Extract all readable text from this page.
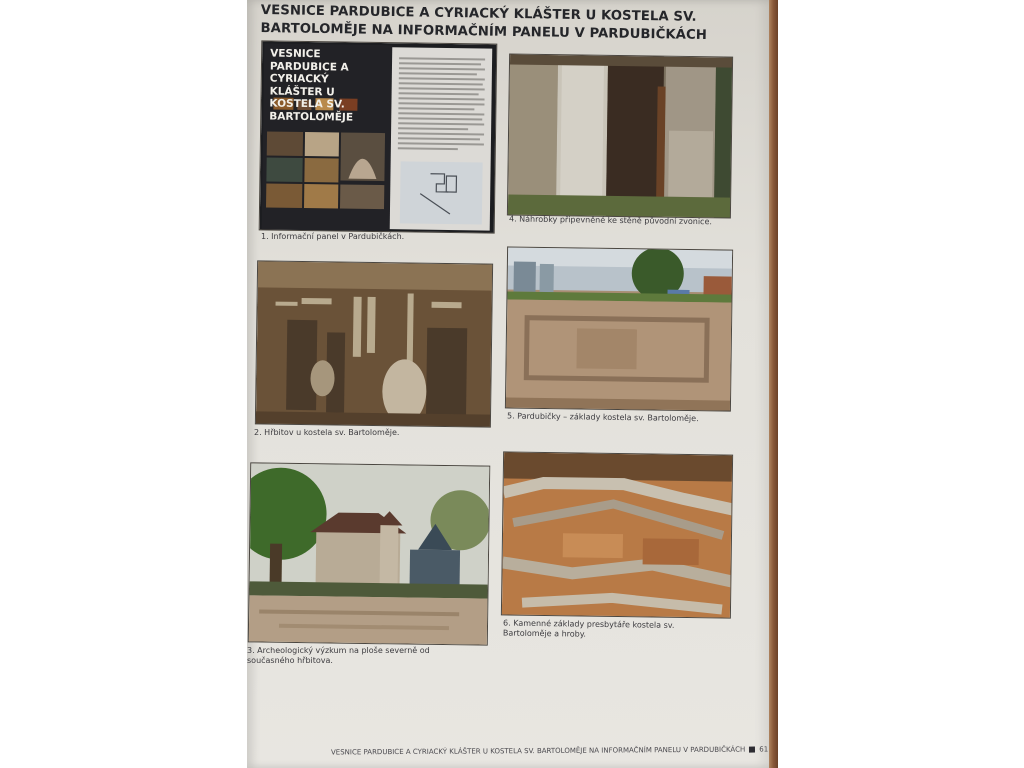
VESNICE PARDUBICE A CYRIACKÝ KLÁŠTER U KOSTELA SV. BARTOLOMĚJE NA INFORMAČNÍM PANELU V PARDUBIČKÁCH

VESNICE PARDUBICE A CYRIACKÝ KLÁŠTER U KOSTELA SV. BARTOLOMĚJE

1. Informační panel v Pardubičkách.

4. Náhrobky připevněné ke stěně původní zvonice.

2. Hřbitov u kostela sv. Bartoloměje.

5. Pardubičky – základy kostela sv. Bartoloměje.

3. Archeologický výzkum na ploše severně od současného hřbitova.

6. Kamenné základy presbytáře kostela sv. Bartoloměje a hroby.

VESNICE PARDUBICE A CYRIACKÝ KLÁŠTER U KOSTELA SV. BARTOLOMĚJE NA INFORMAČNÍM PANELU V PARDUBIČKÁCH 61
